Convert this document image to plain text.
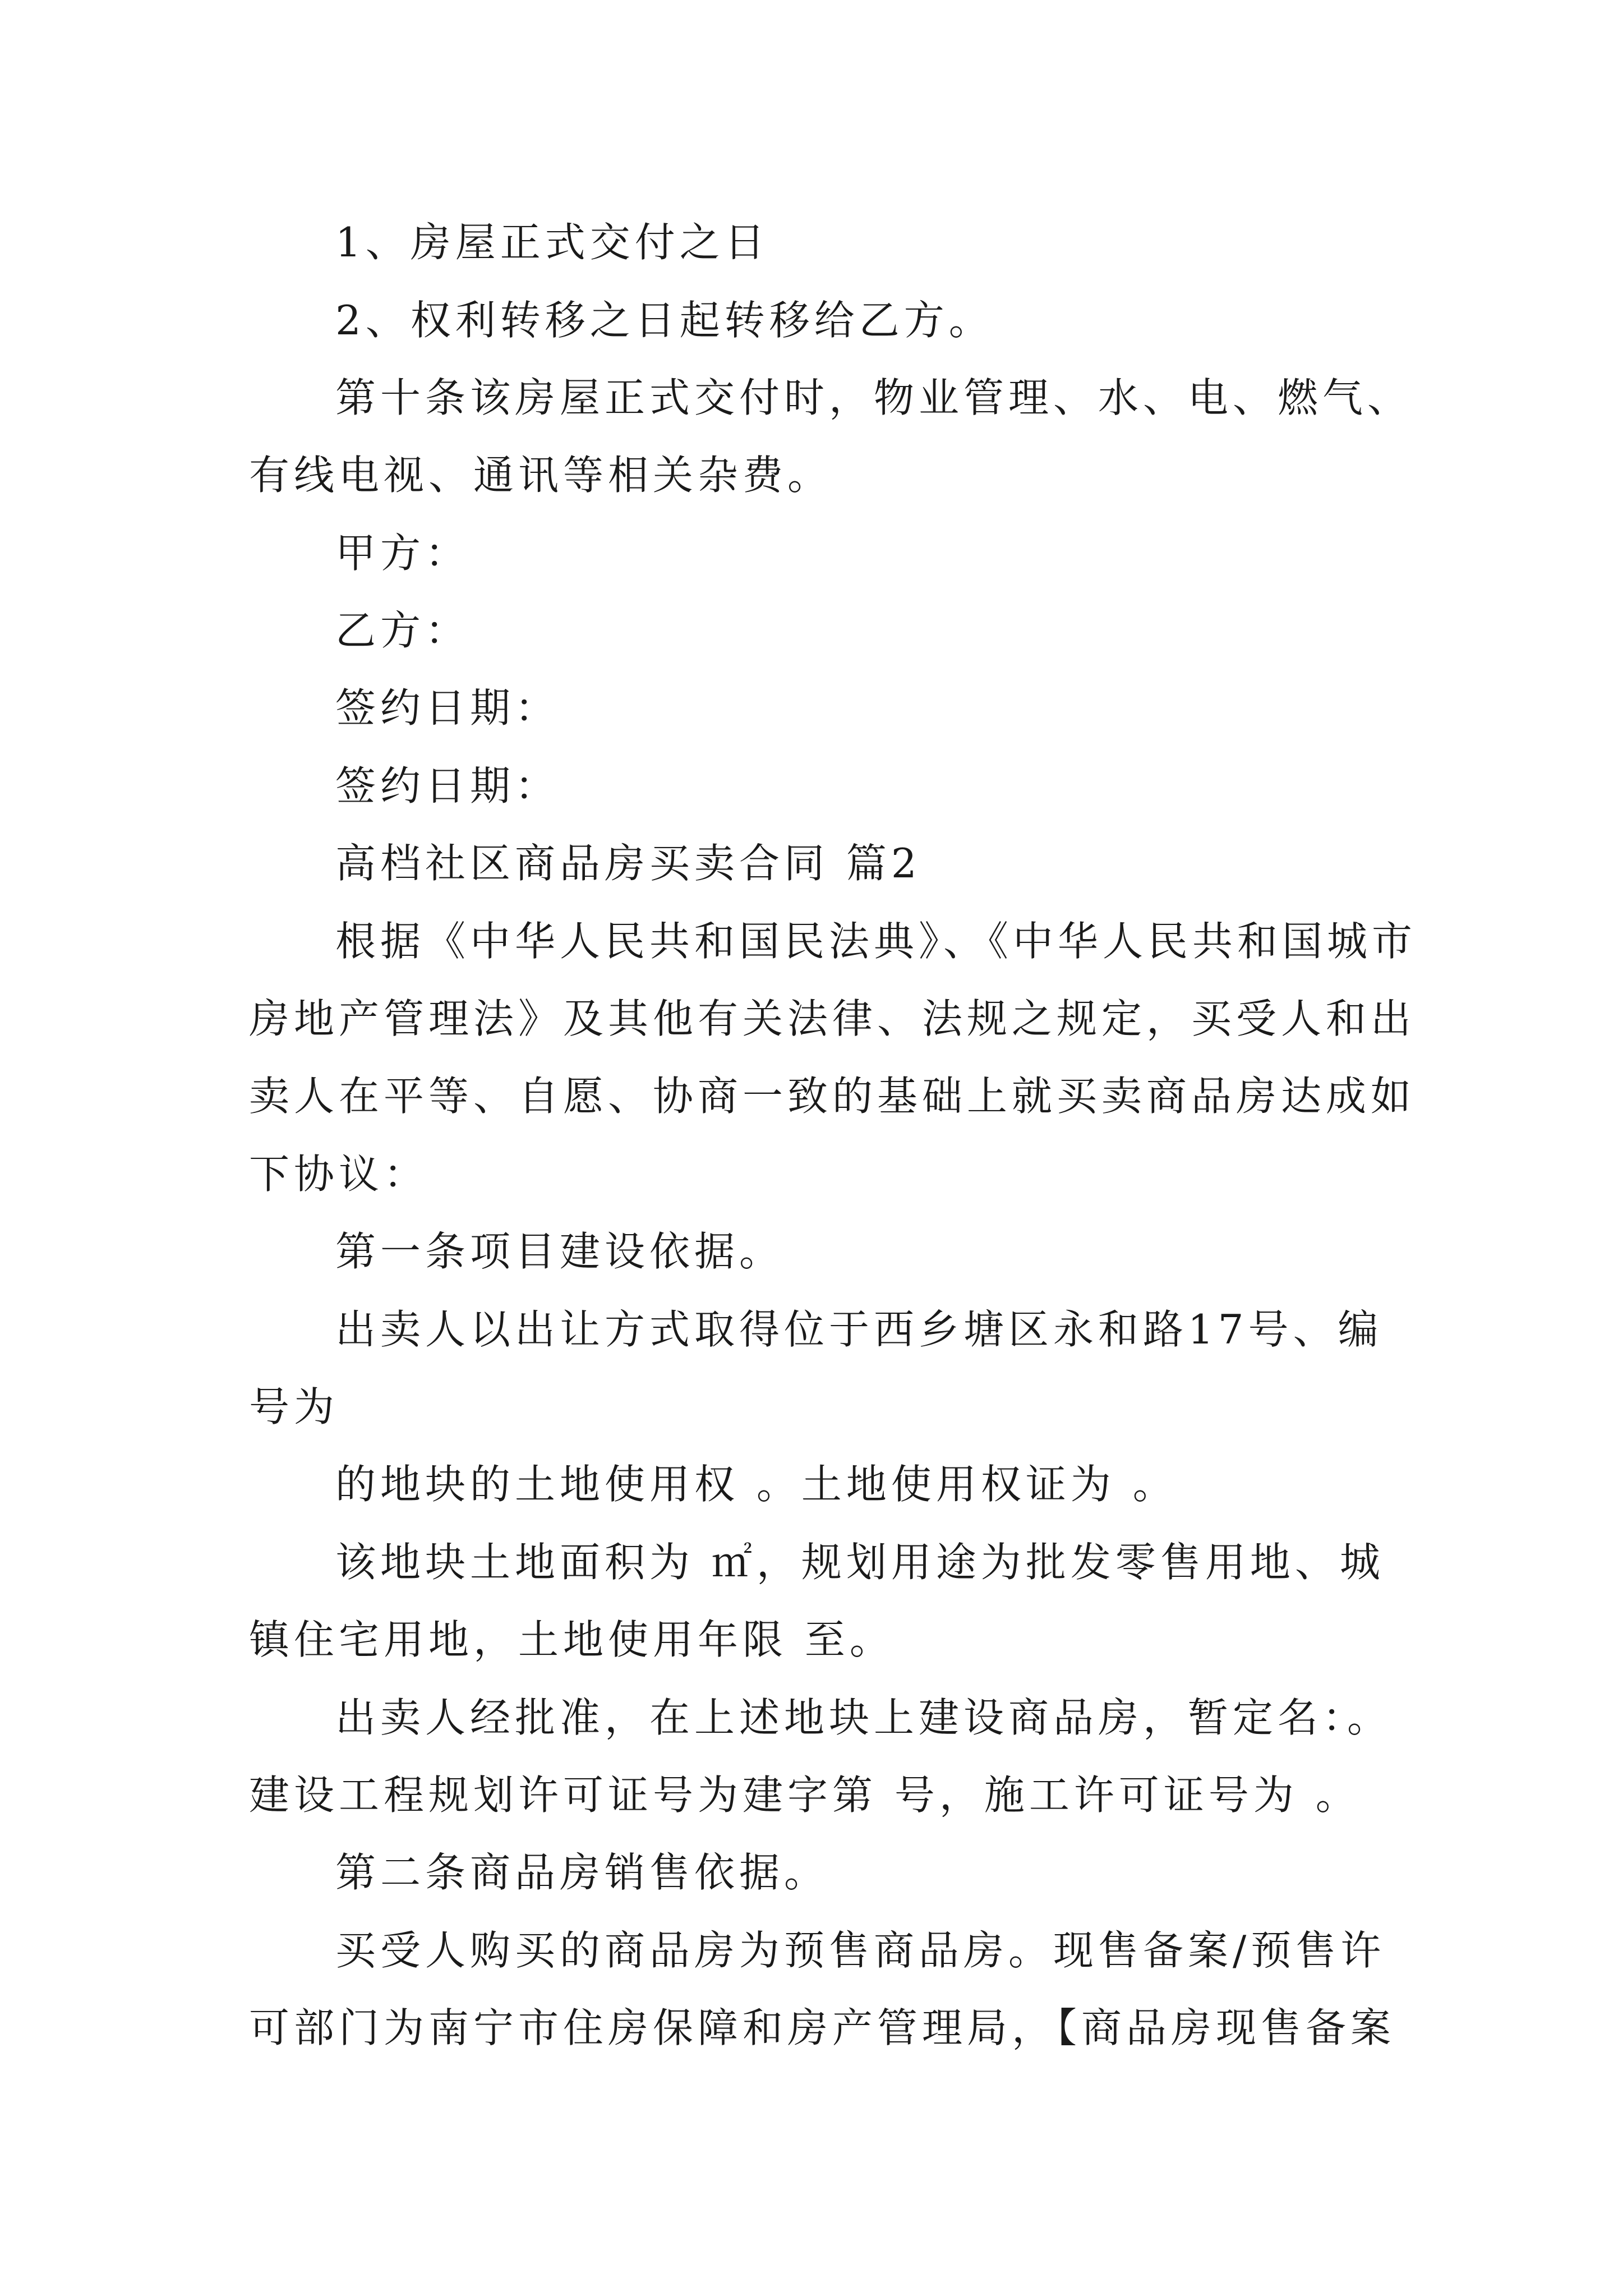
1、房屋正式交付之日
2、权利转移之日起转移给乙方。
第十条该房屋正式交付时，物业管理、水、电、燃气、
有线电视、通讯等相关杂费。
甲方：
乙方：
签约日期：
签约日期：
高档社区商品房买卖合同 篇2
根据《中华人民共和国民法典》、《中华人民共和国城市
房地产管理法》及其他有关法律、法规之规定，买受人和出
卖人在平等、自愿、协商一致的基础上就买卖商品房达成如
下协议：
第一条项目建设依据。
出卖人以出让方式取得位于西乡塘区永和路17号、编
号为
的地块的土地使用权 。土地使用权证为 。
该地块土地面积为 ㎡，规划用途为批发零售用地、城
镇住宅用地，土地使用年限 至。
出卖人经批准，在上述地块上建设商品房，暂定名：。
建设工程规划许可证号为建字第 号，施工许可证号为 。
第二条商品房销售依据。
买受人购买的商品房为预售商品房。现售备案/预售许
可部门为南宁市住房保障和房产管理局，【商品房现售备案
